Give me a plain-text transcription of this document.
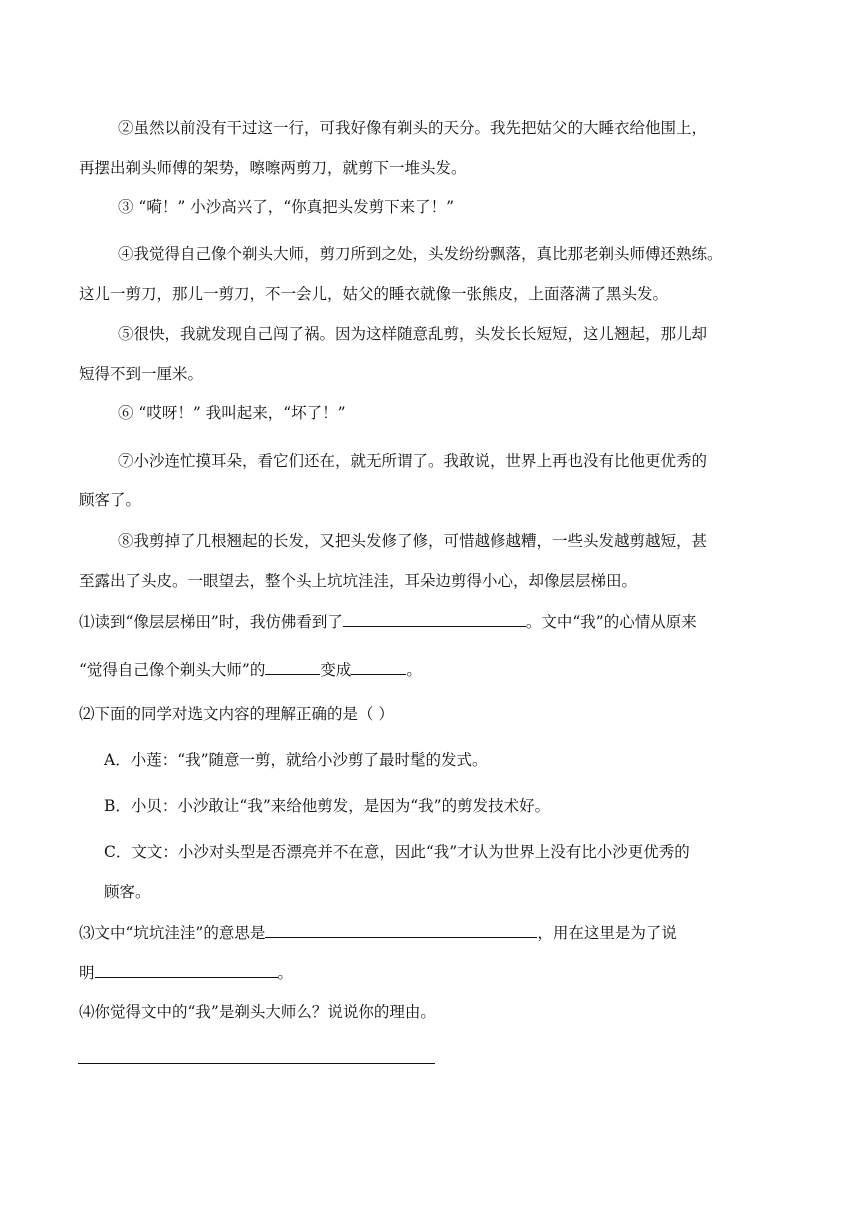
②虽然以前没有干过这一行，可我好像有剃头的天分。我先把姑父的大睡衣给他围上，
再摆出剃头师傅的架势，嚓嚓两剪刀，就剪下一堆头发。
③ “嗬！” 小沙高兴了，“你真把头发剪下来了！”
④我觉得自己像个剃头大师，剪刀所到之处，头发纷纷飘落，真比那老剃头师傅还熟练。
这儿一剪刀，那儿一剪刀，不一会儿，姑父的睡衣就像一张熊皮，上面落满了黑头发。
⑤很快，我就发现自己闯了祸。因为这样随意乱剪，头发长长短短，这儿翘起，那儿却
短得不到一厘米。
⑥ “哎呀！” 我叫起来，“坏了！”
⑦小沙连忙摸耳朵，看它们还在，就无所谓了。我敢说，世界上再也没有比他更优秀的
顾客了。
⑧我剪掉了几根翘起的长发，又把头发修了修，可惜越修越糟，一些头发越剪越短，甚
至露出了头皮。一眼望去，整个头上坑坑洼洼，耳朵边剪得小心，却像层层梯田。
⑴读到“像层层梯田”时，我仿佛看到了	。文中“我”的心情从原来
“觉得自己像个剃头大师”的	变成	。
⑵下面的同学对选文内容的理解正确的是（ ）
A．小莲：“我”随意一剪，就给小沙剪了最时髦的发式。
B．小贝：小沙敢让“我”来给他剪发，是因为“我”的剪发技术好。
C．文文：小沙对头型是否漂亮并不在意，因此“我”才认为世界上没有比小沙更优秀的
顾客。
⑶文中“坑坑洼洼”的意思是	，用在这里是为了说
明	。
⑷你觉得文中的“我”是剃头大师么？说说你的理由。
